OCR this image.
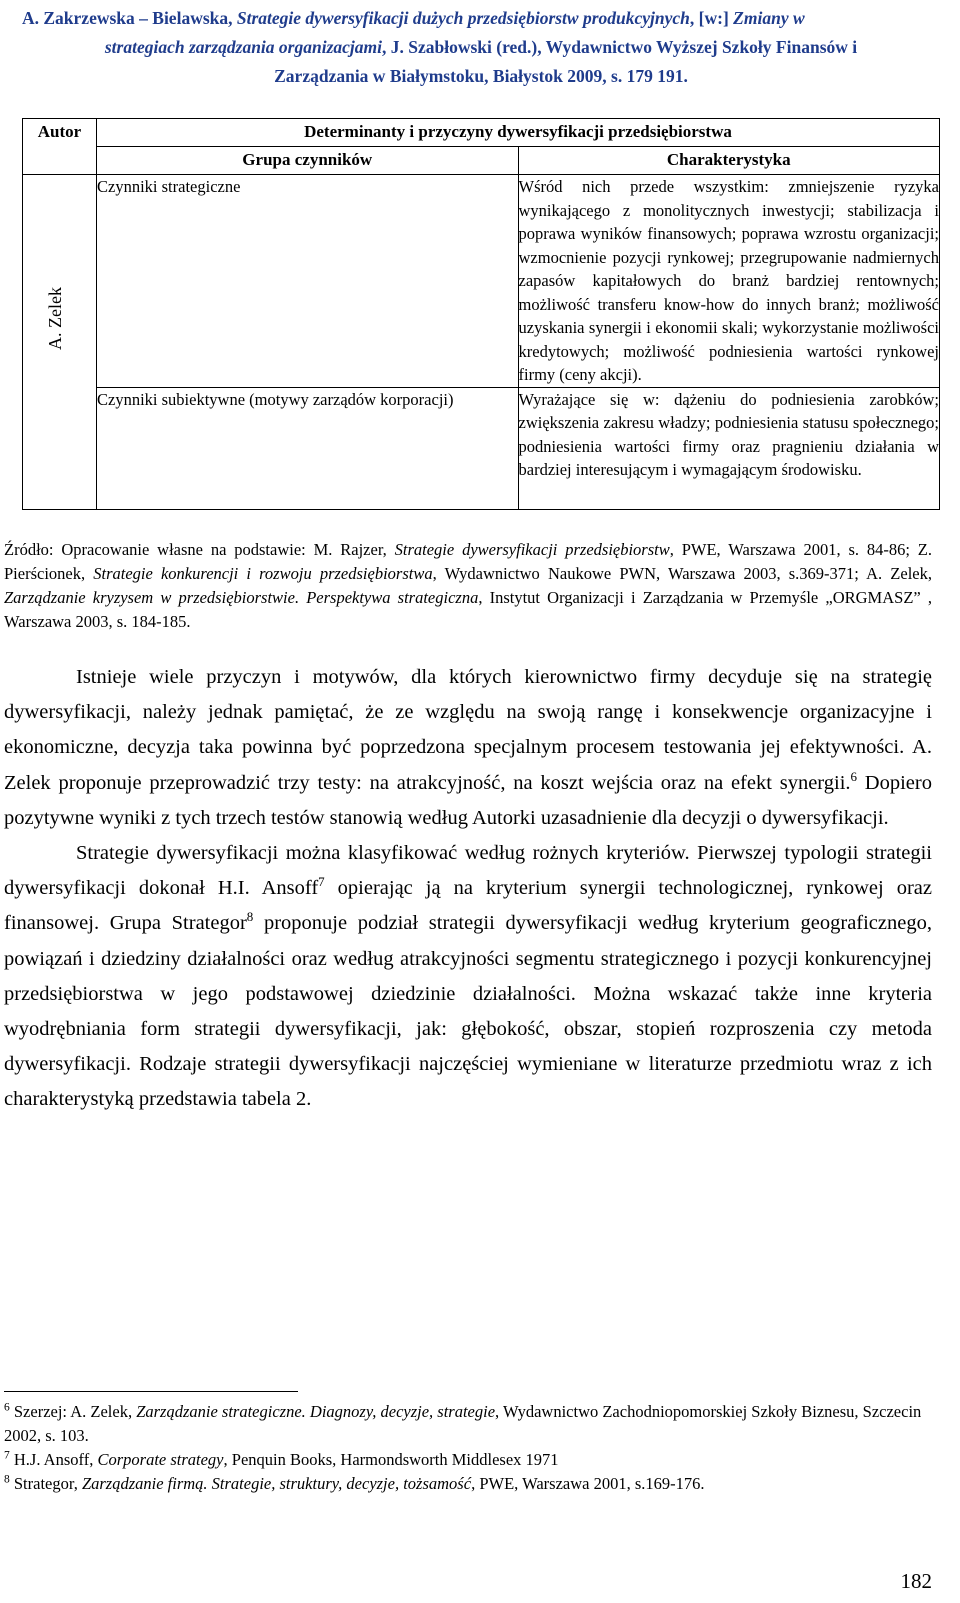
A. Zakrzewska – Bielawska, Strategie dywersyfikacji dużych przedsiębiorstw produkcyjnych, [w:] Zmiany w
strategiach zarządzania organizacjami, J. Szabłowski (red.), Wydawnictwo Wyższej Szkoły Finansów i
Zarządzania w Białymstoku, Białystok 2009, s. 179 191.
Autor	Determinanty i przyczyny dywersyfikacji przedsiębiorstwa	
	Grupa czynników	Charakterystyka

A. Zelek	Czynniki strategiczne	Wśród nich przede wszystkim: zmniejszenie ryzyka wynikającego z monolitycznych inwestycji; stabilizacja i poprawa wyników finansowych; poprawa wzrostu organizacji; wzmocnienie pozycji rynkowej; przegrupowanie nadmiernych zapasów kapitałowych do branż bardziej rentownych; możliwość transferu know-how do innych branż; możliwość uzyskania synergii i ekonomii skali; wykorzystanie możliwości kredytowych; możliwość podniesienia wartości rynkowej firmy (ceny akcji).
	Czynniki subiektywne (motywy zarządów korporacji)	Wyrażające się w: dążeniu do podniesienia zarobków; zwiększenia zakresu władzy; podniesienia statusu społecznego; podniesienia wartości firmy oraz pragnieniu działania w bardziej interesującym i wymagającym środowisku.
Źródło: Opracowanie własne na podstawie: M. Rajzer, Strategie dywersyfikacji przedsiębiorstw, PWE, Warszawa 2001, s. 84-86; Z. Pierścionek, Strategie konkurencji i rozwoju przedsiębiorstwa, Wydawnictwo Naukowe PWN, Warszawa 2003, s.369-371; A. Zelek, Zarządzanie kryzysem w przedsiębiorstwie. Perspektywa strategiczna, Instytut Organizacji i Zarządzania w Przemyśle „ORGMASZ” , Warszawa 2003, s. 184-185.

Istnieje wiele przyczyn i motywów, dla których kierownictwo firmy decyduje się na strategię dywersyfikacji, należy jednak pamiętać, że ze względu na swoją rangę i konsekwencje organizacyjne i ekonomiczne, decyzja taka powinna być poprzedzona specjalnym procesem testowania jej efektywności. A. Zelek proponuje przeprowadzić trzy testy: na atrakcyjność, na koszt wejścia oraz na efekt synergii.$^6$ Dopiero pozytywne wyniki z tych trzech testów stanowią według Autorki uzasadnienie dla decyzji o dywersyfikacji.

Strategie dywersyfikacji można klasyfikować według rożnych kryteriów. Pierwszej typologii strategii dywersyfikacji dokonał H.I. Ansoff$^7$ opierając ją na kryterium synergii technologicznej, rynkowej oraz finansowej. Grupa Strategor$^8$ proponuje podział strategii dywersyfikacji według kryterium geograficznego, powiązań i dziedziny działalności oraz według atrakcyjności segmentu strategicznego i pozycji konkurencyjnej przedsiębiorstwa w jego podstawowej dziedzinie działalności. Można wskazać także inne kryteria wyodrębniania form strategii dywersyfikacji, jak: głębokość, obszar, stopień rozproszenia czy metoda dywersyfikacji. Rodzaje strategii dywersyfikacji najczęściej wymieniane w literaturze przedmiotu wraz z ich charakterystyką przedstawia tabela 2.

$^6$ Szerzej: A. Zelek, Zarządzanie strategiczne. Diagnozy, decyzje, strategie, Wydawnictwo Zachodniopomorskiej Szkoły Biznesu, Szczecin 2002, s. 103.
$^7$ H.J. Ansoff, Corporate strategy, Penquin Books, Harmondsworth Middlesex 1971
$^8$ Strategor, Zarządzanie firmą. Strategie, struktury, decyzje, tożsamość, PWE, Warszawa 2001, s.169-176.
182
